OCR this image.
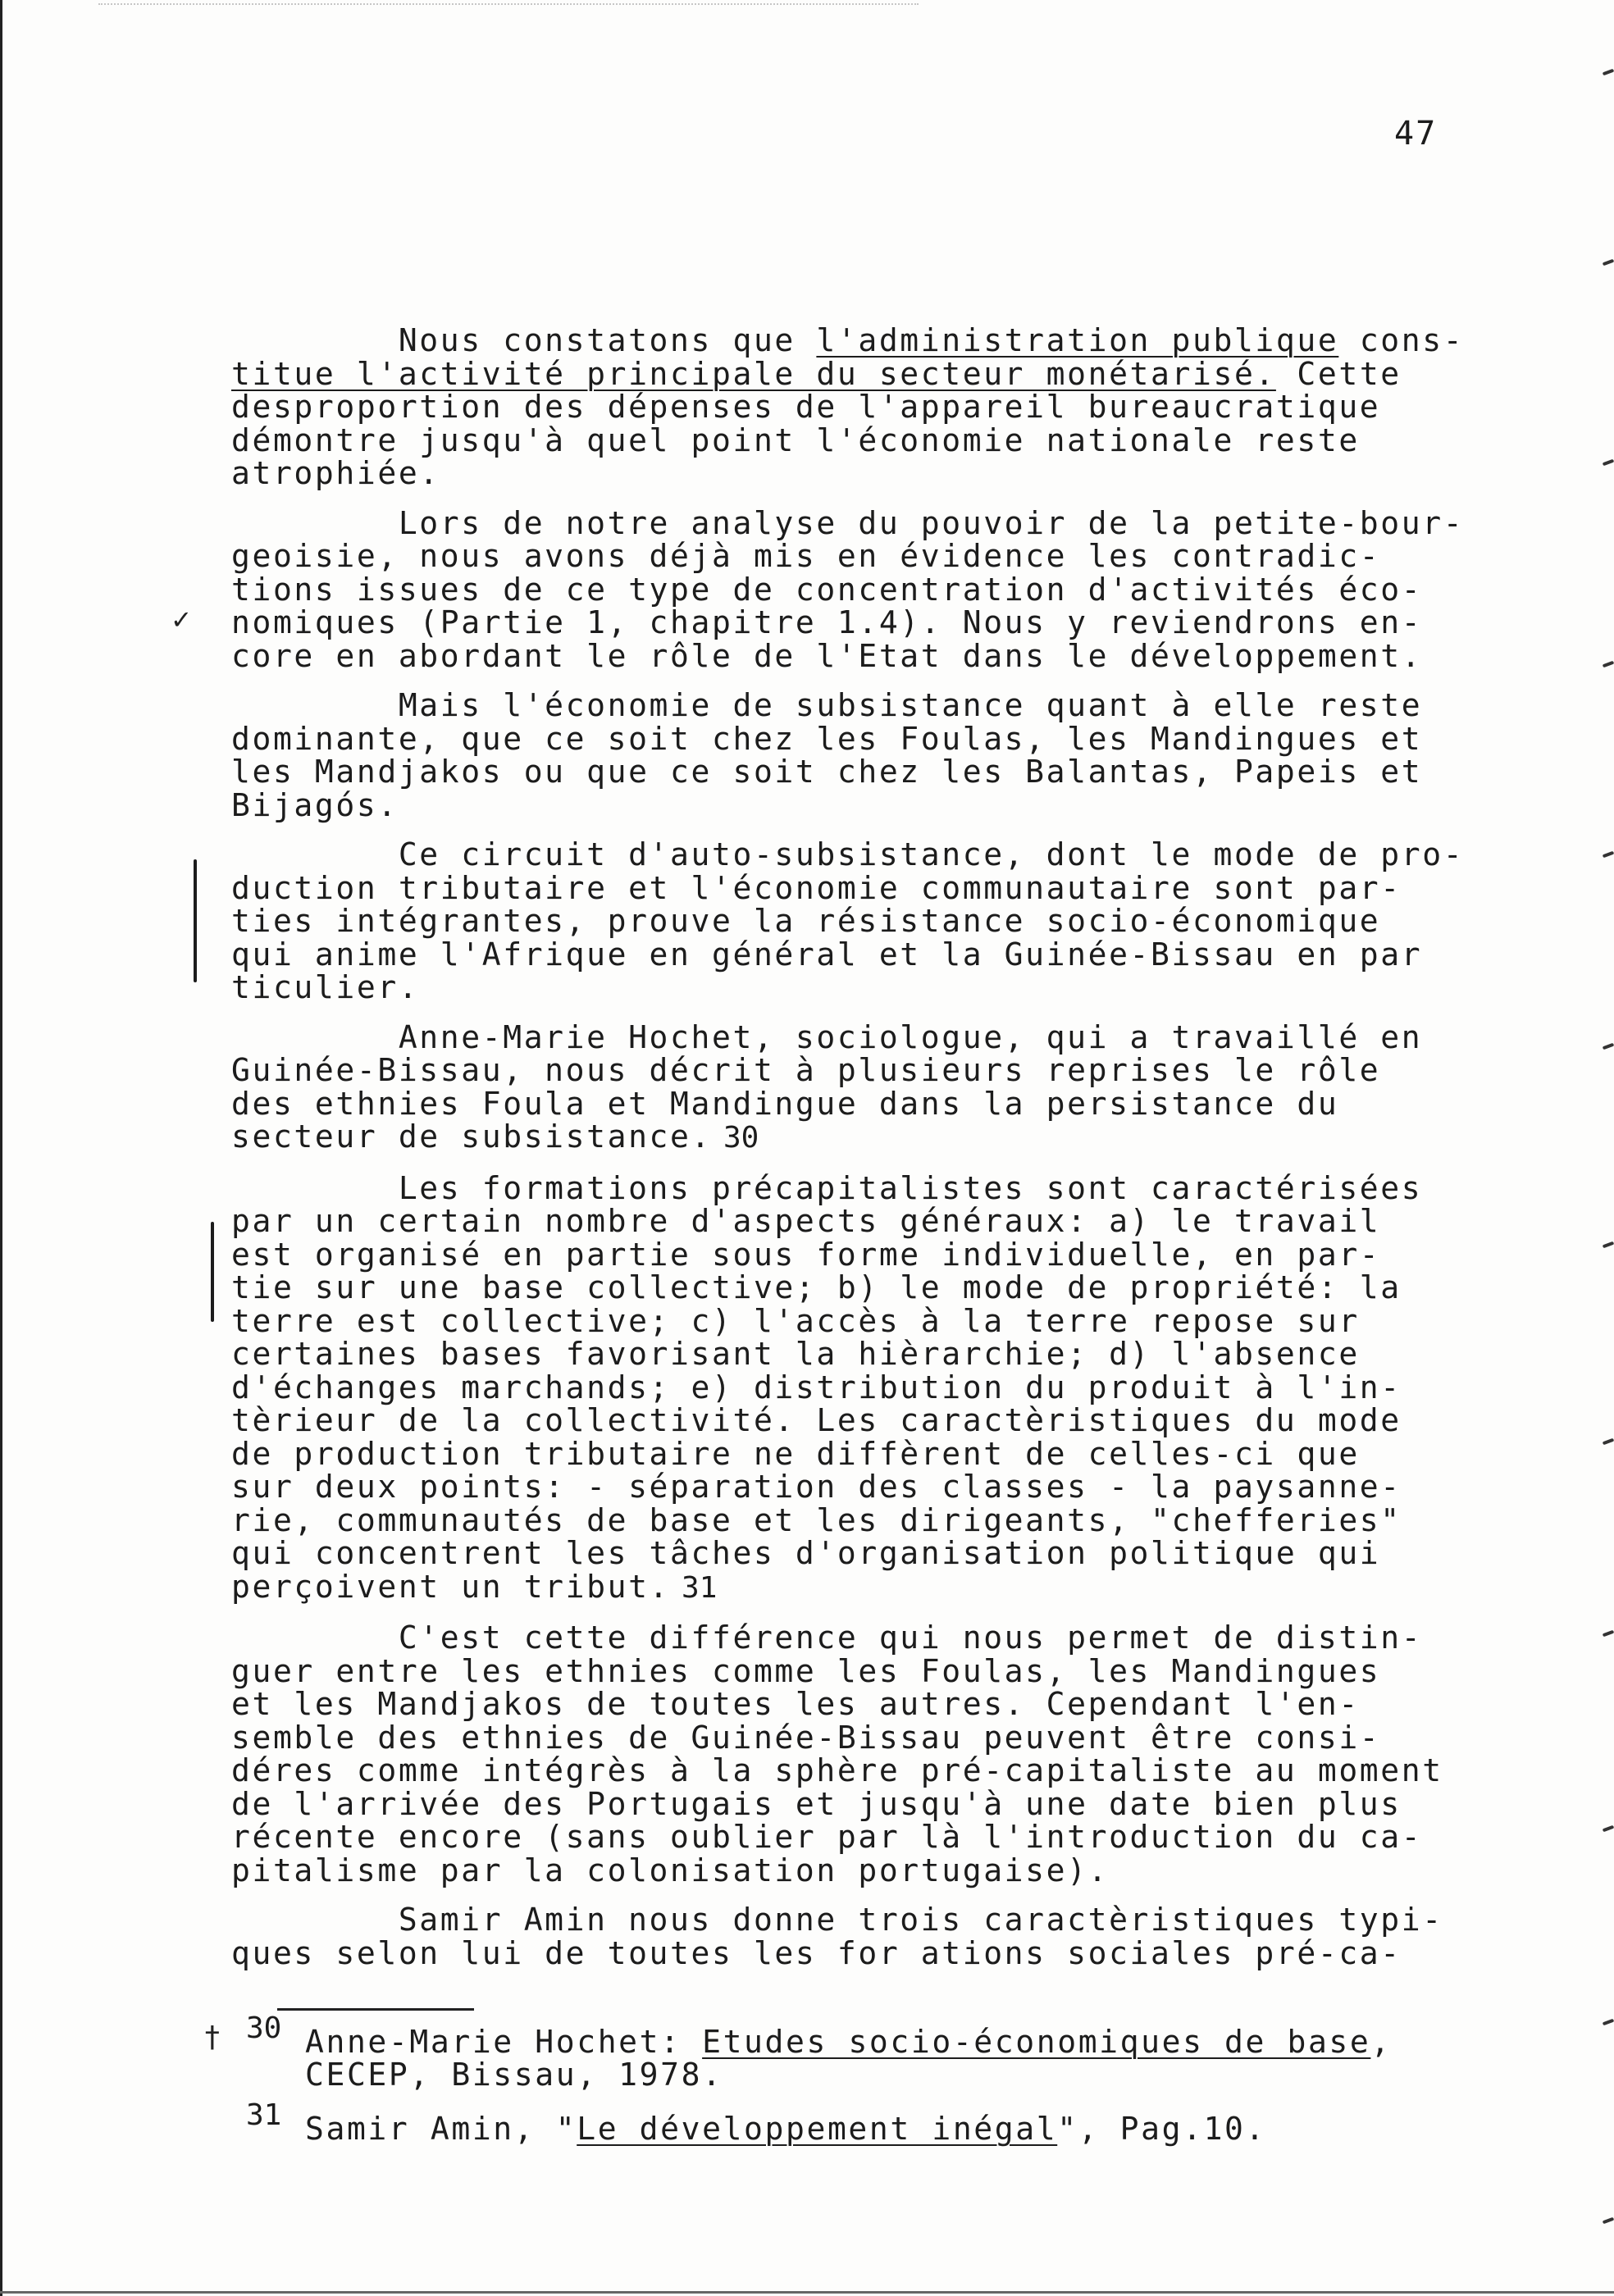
47
Nous constatons que l'administration publique cons-
titue l'activité principale du secteur monétarisé. Cette
desproportion des dépenses de l'appareil bureaucratique
démontre jusqu'à quel point l'économie nationale reste
atrophiée.
Lors de notre analyse du pouvoir de la petite-bour-
geoisie, nous avons déjà mis en évidence les contradic-
tions issues de ce type de concentration d'activités éco-
nomiques (Partie 1, chapitre 1.4). Nous y reviendrons en-
core en abordant le rôle de l'Etat dans le développement.
Mais l'économie de subsistance quant à elle reste
dominante, que ce soit chez les Foulas, les Mandingues et
les Mandjakos ou que ce soit chez les Balantas, Papeis et
Bijagós.
Ce circuit d'auto-subsistance, dont le mode de pro-
duction tributaire et l'économie communautaire sont par-
ties intégrantes, prouve la résistance socio-économique
qui anime l'Afrique en général et la Guinée-Bissau en par
ticulier.
Anne-Marie Hochet, sociologue, qui a travaillé en
Guinée-Bissau, nous décrit à plusieurs reprises le rôle
des ethnies Foula et Mandingue dans la persistance du
secteur de subsistance. 30
Les formations précapitalistes sont caractérisées
par un certain nombre d'aspects généraux: a) le travail
est organisé en partie sous forme individuelle, en par-
tie sur une base collective; b) le mode de propriété: la
terre est collective; c) l'accès à la terre repose sur
certaines bases favorisant la hièrarchie; d) l'absence
d'échanges marchands; e) distribution du produit à l'in-
tèrieur de la collectivité. Les caractèristiques du mode
de production tributaire ne diffèrent de celles-ci que
sur deux points: - séparation des classes - la paysanne-
rie, communautés de base et les dirigeants, "chefferies"
qui concentrent les tâches d'organisation politique qui
perçoivent un tribut. 31
C'est cette différence qui nous permet de distin-
guer entre les ethnies comme les Foulas, les Mandingues
et les Mandjakos de toutes les autres. Cependant l'en-
semble des ethnies de Guinée-Bissau peuvent être consi-
déres comme intégrès à la sphère pré-capitaliste au moment
de l'arrivée des Portugais et jusqu'à une date bien plus
récente encore (sans oublier par là l'introduction du ca-
pitalisme par la colonisation portugaise).
Samir Amin nous donne trois caractèristiques typi-
ques selon lui de toutes les for ations sociales pré-ca-
30 Anne-Marie Hochet: Etudes socio-économiques de base,
CECEP, Bissau, 1978.
31 Samir Amin, "Le développement inégal", Pag.10.
✓
†
